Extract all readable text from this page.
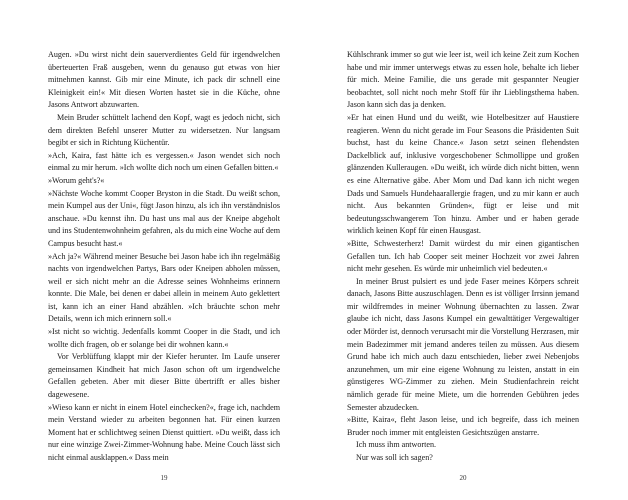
Augen. »Du wirst nicht dein sauerverdientes Geld für irgendwelchen überteuerten Fraß ausgeben, wenn du genauso gut etwas von hier mitnehmen kannst. Gib mir eine Minute, ich pack dir schnell eine Kleinigkeit ein!« Mit diesen Worten hastet sie in die Küche, ohne Jasons Antwort abzuwarten.

Mein Bruder schüttelt lachend den Kopf, wagt es jedoch nicht, sich dem direkten Befehl unserer Mutter zu widersetzen. Nur langsam begibt er sich in Richtung Küchentür.

»Ach, Kaira, fast hätte ich es vergessen.« Jason wendet sich noch einmal zu mir herum. »Ich wollte dich noch um einen Gefallen bitten.«

»Worum geht's?«

»Nächste Woche kommt Cooper Bryston in die Stadt. Du weißt schon, mein Kumpel aus der Uni«, fügt Jason hinzu, als ich ihn verständnislos anschaue. »Du kennst ihn. Du hast uns mal aus der Kneipe abgeholt und ins Studentenwohnheim gefahren, als du mich eine Woche auf dem Campus besucht hast.«

»Ach ja?« Während meiner Besuche bei Jason habe ich ihn regelmäßig nachts von irgendwelchen Partys, Bars oder Kneipen abholen müssen, weil er sich nicht mehr an die Adresse seines Wohnheims erinnern konnte. Die Male, bei denen er dabei allein in meinem Auto geklettert ist, kann ich an einer Hand abzählen. »Ich bräuchte schon mehr Details, wenn ich mich erinnern soll.«

»Ist nicht so wichtig. Jedenfalls kommt Cooper in die Stadt, und ich wollte dich fragen, ob er solange bei dir wohnen kann.«

Vor Verblüffung klappt mir der Kiefer herunter. Im Laufe unserer gemeinsamen Kindheit hat mich Jason schon oft um irgendwelche Gefallen gebeten. Aber mit dieser Bitte übertrifft er alles bisher dagewesene.

»Wieso kann er nicht in einem Hotel einchecken?«, frage ich, nachdem mein Verstand wieder zu arbeiten begonnen hat. Für einen kurzen Moment hat er schlichtweg seinen Dienst quittiert. »Du weißt, dass ich nur eine winzige Zwei-Zimmer-Wohnung habe. Meine Couch lässt sich nicht einmal ausklappen.« Dass mein

19

Kühlschrank immer so gut wie leer ist, weil ich keine Zeit zum Kochen habe und mir immer unterwegs etwas zu essen hole, behalte ich lieber für mich. Meine Familie, die uns gerade mit gespannter Neugier beobachtet, soll nicht noch mehr Stoff für ihr Lieblingsthema haben. Jason kann sich das ja denken.

»Er hat einen Hund und du weißt, wie Hotelbesitzer auf Haustiere reagieren. Wenn du nicht gerade im Four Seasons die Präsidenten Suit buchst, hast du keine Chance.« Jason setzt seinen flehendsten Dackelblick auf, inklusive vorgeschobener Schmollippe und großen glänzenden Kulleraugen. »Du weißt, ich würde dich nicht bitten, wenn es eine Alternative gäbe. Aber Mom und Dad kann ich nicht wegen Dads und Samuels Hundehaarallergie fragen, und zu mir kann er auch nicht. Aus bekannten Gründen«, fügt er leise und mit bedeutungsschwangerem Ton hinzu. Amber und er haben gerade wirklich keinen Kopf für einen Hausgast.

»Bitte, Schwesterherz! Damit würdest du mir einen gigantischen Gefallen tun. Ich hab Cooper seit meiner Hochzeit vor zwei Jahren nicht mehr gesehen. Es würde mir unheimlich viel bedeuten.«

In meiner Brust pulsiert es und jede Faser meines Körpers schreit danach, Jasons Bitte auszuschlagen. Denn es ist völliger Irrsinn jemand mir wildfremdes in meiner Wohnung übernachten zu lassen. Zwar glaube ich nicht, dass Jasons Kumpel ein gewalttätiger Vergewaltiger oder Mörder ist, dennoch verursacht mir die Vorstellung Herzrasen, mir mein Badezimmer mit jemand anderes teilen zu müssen. Aus diesem Grund habe ich mich auch dazu entschieden, lieber zwei Nebenjobs anzunehmen, um mir eine eigene Wohnung zu leisten, anstatt in ein günstigeres WG-Zimmer zu ziehen. Mein Studienfachrein reicht nämlich gerade für meine Miete, um die horrenden Gebühren jedes Semester abzudecken.

»Bitte, Kaira«, fleht Jason leise, und ich begreife, dass ich meinen Bruder noch immer mit entgleisten Gesichtszügen anstarre.

Ich muss ihm antworten.

Nur was soll ich sagen?

20
